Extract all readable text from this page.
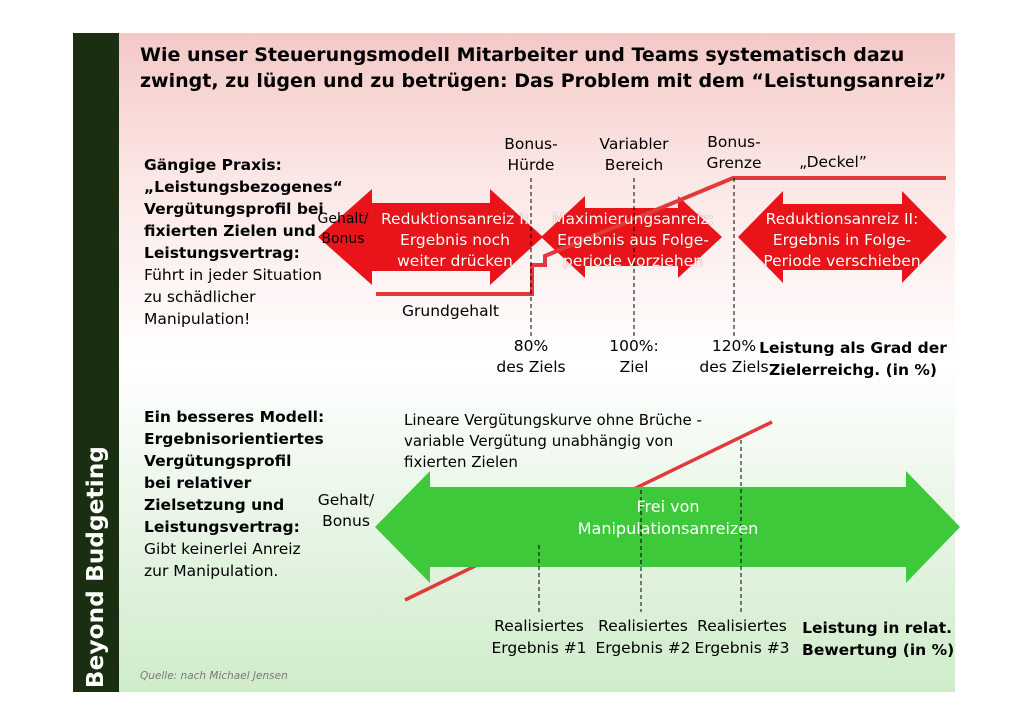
Beyond Budgeting
Wie unser Steuerungsmodell Mitarbeiter und Teams systematisch dazu
zwingt, zu lügen und zu betrügen: Das Problem mit dem “Leistungsanreiz”
Gängige Praxis:
„Leistungsbezogenes“
Vergütungsprofil bei
fixierten Zielen und
Leistungsvertrag:
Führt in jeder Situation
zu schädlicher
Manipulation!
Gehalt/
Bonus
Bonus-
Hürde
Variabler
Bereich
Bonus-
Grenze „Deckel”
Reduktionsanreiz I:
Ergebnis noch
weiter drücken
Maximierungsanreiz:
Ergebnis aus Folge-
periode vorziehen
Reduktionsanreiz II:
Ergebnis in Folge-
Periode verschieben
Grundgehalt
80%
des Ziels
100%:
Ziel
120%
des Ziels
Leistung als Grad der
Zielerreichg. (in %)
Ein besseres Modell:
Ergebnisorientiertes
Vergütungsprofil
bei relativer
Zielsetzung und
Leistungsvertrag:
Gibt keinerlei Anreiz
zur Manipulation.
Gehalt/
Bonus
Lineare Vergütungskurve ohne Brüche -
variable Vergütung unabhängig von
fixierten Zielen
Frei von
Manipulationsanreizen
Realisiertes
Ergebnis #1
Realisiertes
Ergebnis #2
Realisiertes
Ergebnis #3
Leistung in relat.
Bewertung (in %)
Quelle: nach Michael Jensen
